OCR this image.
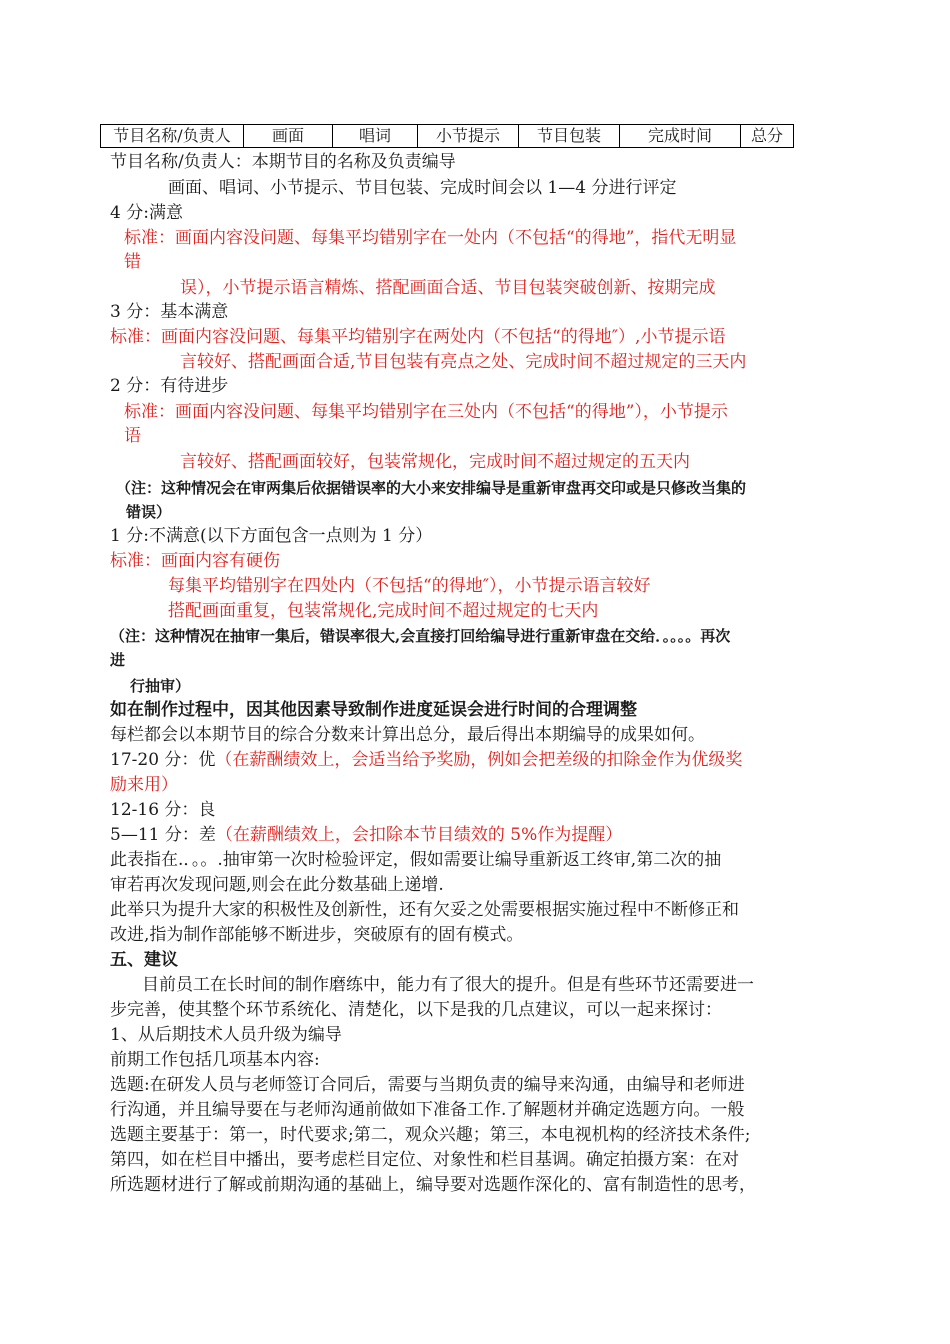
节目名称/负责人	画面	唱词	小节提示	节目包装	完成时间	总分
节目名称/负责人：本期节目的名称及负责编导
画面、唱词、小节提示、节目包装、完成时间会以 1—4 分进行评定
4 分:满意
标准：画面内容没问题、每集平均错别字在一处内（不包括“的得地”，指代无明显
错
误），小节提示语言精炼、搭配画面合适、节目包装突破创新、按期完成
3 分：基本满意
标准：画面内容没问题、每集平均错别字在两处内（不包括“的得地″）,小节提示语
言较好、搭配画面合适,节目包装有亮点之处、完成时间不超过规定的三天内
2 分：有待进步
标准：画面内容没问题、每集平均错别字在三处内（不包括“的得地”），小节提示
语
言较好、搭配画面较好，包装常规化，完成时间不超过规定的五天内
（注：这种情况会在审两集后依据错误率的大小来安排编导是重新审盘再交印或是只修改当集的
错误）
1 分:不满意(以下方面包含一点则为 1 分）
标准：画面内容有硬伤
每集平均错别字在四处内（不包括“的得地″），小节提示语言较好
搭配画面重复，包装常规化,完成时间不超过规定的七天内
（注：这种情况在抽审一集后，错误率很大,会直接打回给编导进行重新审盘在交给．。。。。再次
进
行抽审）
如在制作过程中，因其他因素导致制作进度延误会进行时间的合理调整
每栏都会以本期节目的综合分数来计算出总分，最后得出本期编导的成果如何。
17-20 分：优（在薪酬绩效上，会适当给予奖励，例如会把差级的扣除金作为优级奖
励来用）
12-16 分：良
5—11 分：差（在薪酬绩效上，会扣除本节目绩效的 5%作为提醒）
此表指在.．。。.抽审第一次时检验评定，假如需要让编导重新返工终审,第二次的抽
审若再次发现问题,则会在此分数基础上递增.
此举只为提升大家的积极性及创新性，还有欠妥之处需要根据实施过程中不断修正和
改进,指为制作部能够不断进步，突破原有的固有模式。
五、建议
目前员工在长时间的制作磨练中，能力有了很大的提升。但是有些环节还需要进一
步完善，使其整个环节系统化、清楚化，以下是我的几点建议，可以一起来探讨：
1、从后期技术人员升级为编导
前期工作包括几项基本内容:
选题:在研发人员与老师签订合同后，需要与当期负责的编导来沟通，由编导和老师进
行沟通，并且编导要在与老师沟通前做如下准备工作.了解题材并确定选题方向。一般
选题主要基于：第一，时代要求;第二，观众兴趣；第三，本电视机构的经济技术条件;
第四，如在栏目中播出，要考虑栏目定位、对象性和栏目基调。确定拍摄方案：在对
所选题材进行了解或前期沟通的基础上，编导要对选题作深化的、富有制造性的思考，
